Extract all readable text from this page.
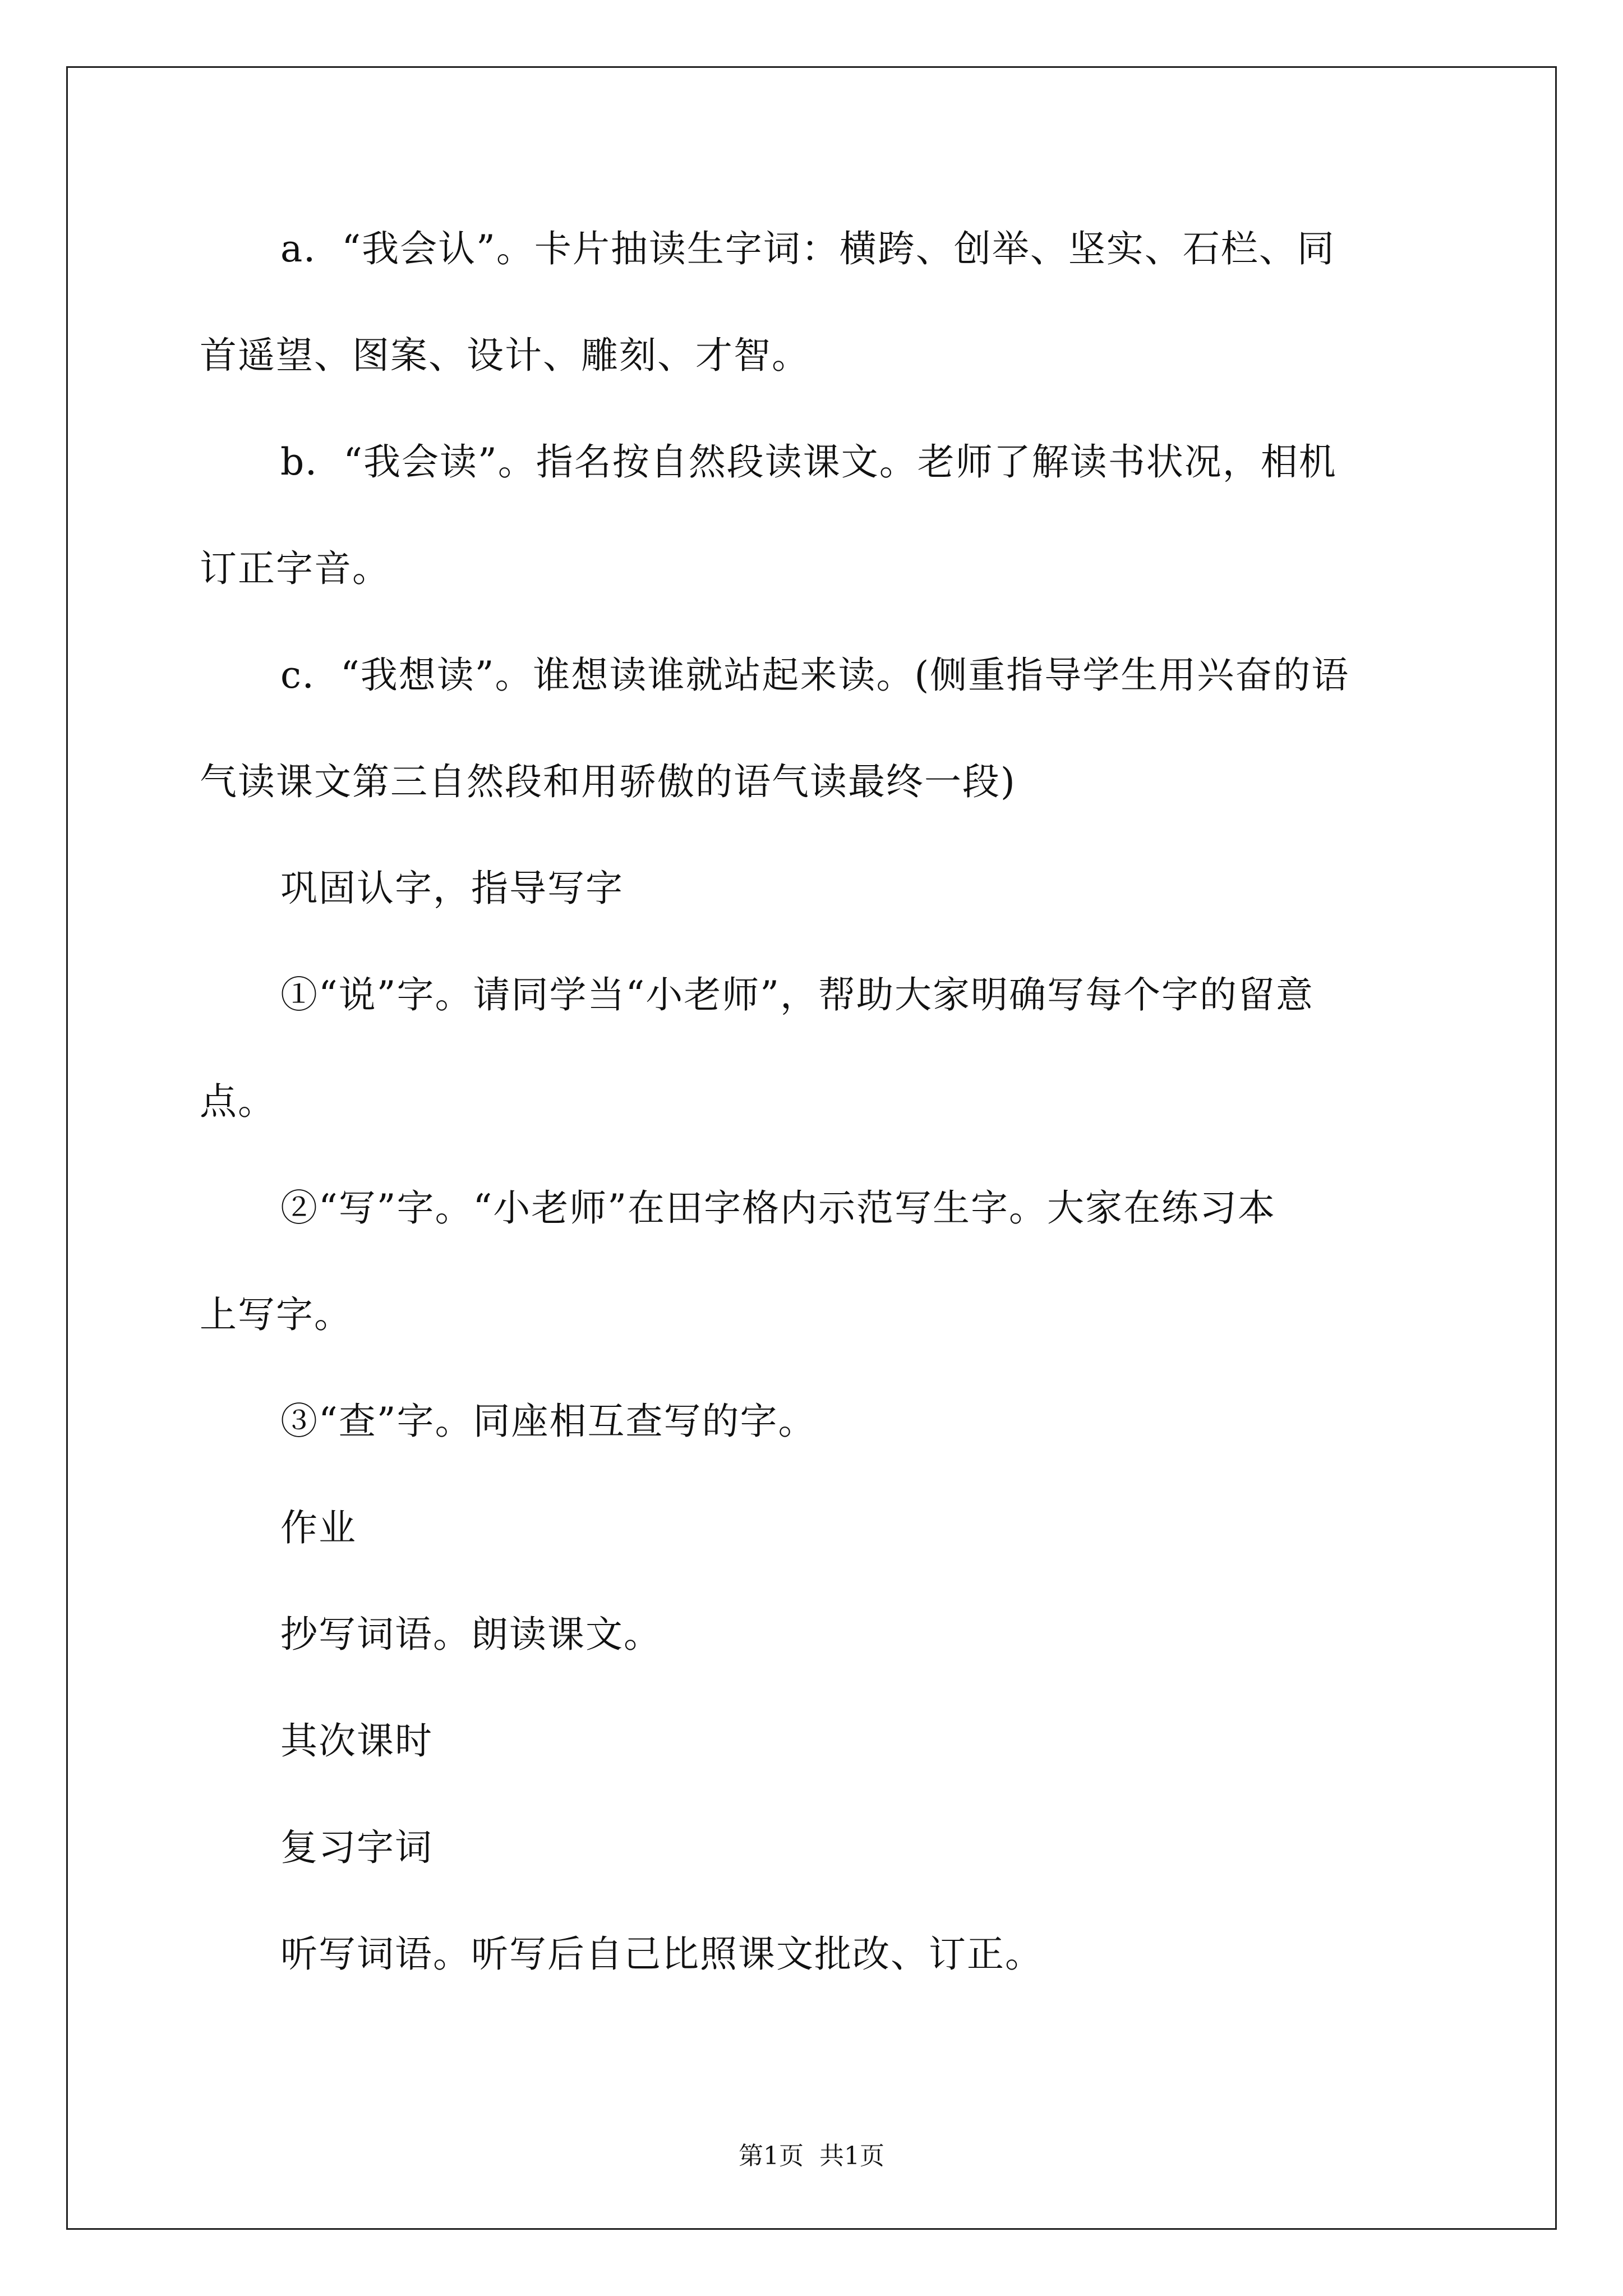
a．“我会认”。卡片抽读生字词：横跨、创举、坚实、石栏、同

首遥望、图案、设计、雕刻、才智。

b．“我会读”。指名按自然段读课文。老师了解读书状况，相机

订正字音。

c．“我想读”。谁想读谁就站起来读。(侧重指导学生用兴奋的语

气读课文第三自然段和用骄傲的语气读最终一段)

巩固认字，指导写字

①“说”字。请同学当“小老师”，帮助大家明确写每个字的留意

点。

②“写”字。“小老师”在田字格内示范写生字。大家在练习本

上写字。

③“查”字。同座相互查写的字。

作业

抄写词语。朗读课文。

其次课时

复习字词

听写词语。听写后自己比照课文批改、订正。

第1页 共1页
